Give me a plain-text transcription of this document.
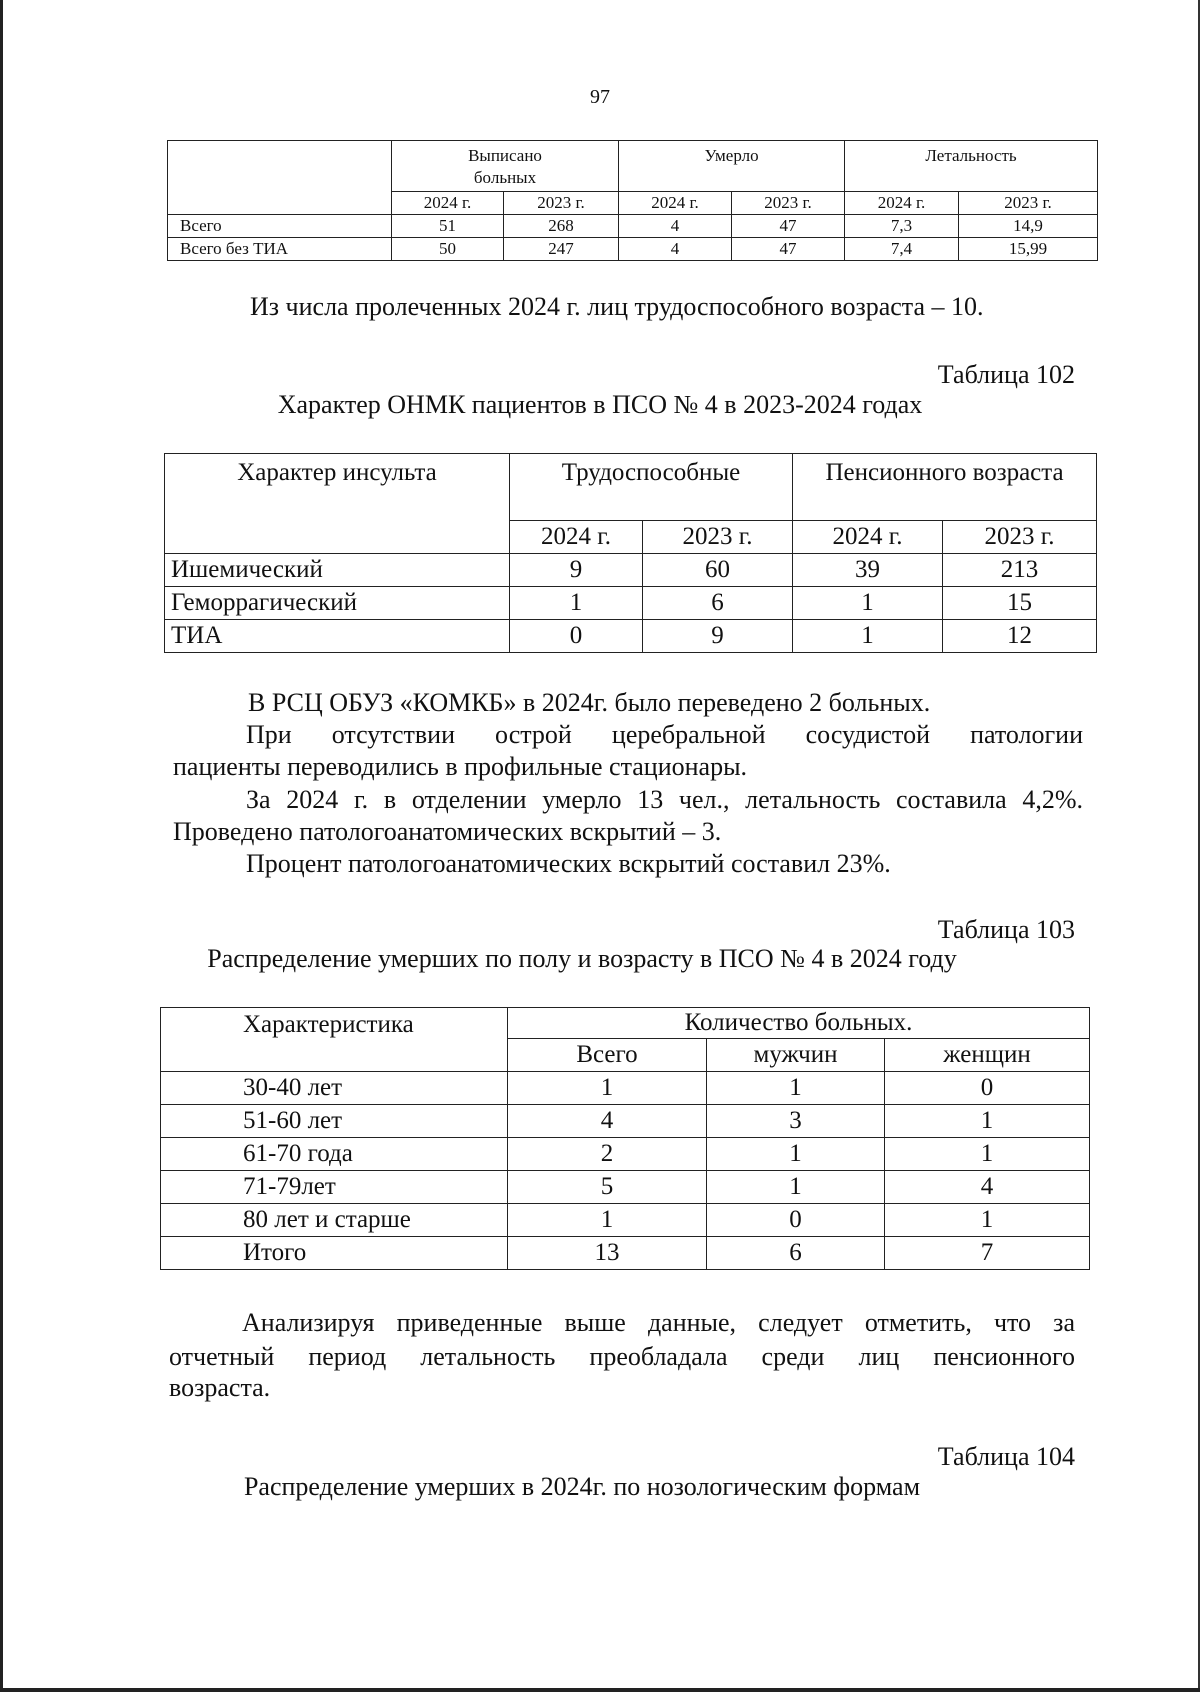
97
	Выписано больных		Умерло		Летальность	
	2024 г.	2023 г.	2024 г.	2023 г.	2024 г.	2023 г.
Всего	51	268	4	47	7,3	14,9
Всего без ТИА	50	247	4	47	7,4	15,99
Из числа пролеченных 2024 г. лиц трудоспособного возраста – 10.
Таблица 102
Характер ОНМК пациентов в ПСО № 4 в 2023-2024 годах
Характер инсульта	Трудоспособные		Пенсионного возраста	
	2024 г.	2023 г.	2024 г.	2023 г.
Ишемический	9	60	39	213
Геморрагический	1	6	1	15
ТИА	0	9	1	12
В РСЦ ОБУЗ «КОМКБ» в 2024г. было переведено 2 больных.
При отсутствии острой церебральной сосудистой патологии
пациенты переводились в профильные стационары.
За 2024 г. в отделении умерло 13 чел., летальность составила 4,2%.
Проведено патологоанатомических вскрытий – 3.
Процент патологоанатомических вскрытий составил 23%.
Таблица 103
Распределение умерших по полу и возрасту в ПСО № 4 в 2024 году
Характеристика	Количество больных.		
	Всего	мужчин	женщин
30-40 лет	1	1	0
51-60 лет	4	3	1
61-70 года	2	1	1
71-79лет	5	1	4
80 лет и старше	1	0	1
Итого	13	6	7
Анализируя приведенные выше данные, следует отметить, что за
отчетный период летальность преобладала среди лиц пенсионного
возраста.
Таблица 104
Распределение умерших в 2024г. по нозологическим формам
